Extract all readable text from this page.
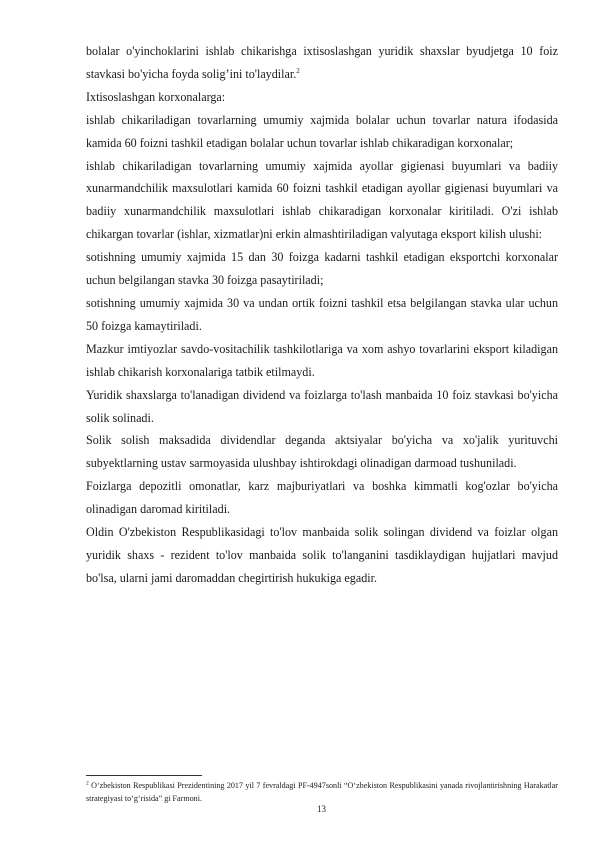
bolalar o'yinchoklarini ishlab chikarishga ixtisoslashgan yuridik shaxslar byudjetga 10 foiz stavkasi bo'yicha foyda solig’ini to'laydilar.$^2$

Ixtisoslashgan korxonalarga:

ishlab chikariladigan tovarlarning umumiy xajmida bolalar uchun tovarlar natura ifodasida kamida 60 foizni tashkil etadigan bolalar uchun tovarlar ishlab chikaradigan korxonalar;

ishlab chikariladigan tovarlarning umumiy xajmida ayollar gigienasi buyumlari va badiiy xunarmandchilik maxsulotlari kamida 60 foizni tashkil etadigan ayollar gigienasi buyumlari va badiiy xunarmandchilik maxsulotlari ishlab chikaradigan korxonalar kiritiladi. O'zi ishlab chikargan tovarlar (ishlar, xizmatlar)ni erkin almashtiriladigan valyutaga eksport kilish ulushi:

sotishning umumiy xajmida 15 dan 30 foizga kadarni tashkil etadigan eksportchi korxonalar uchun belgilangan stavka 30 foizga pasaytiriladi;

sotishning umumiy xajmida 30 va undan ortik foizni tashkil etsa belgilangan stavka ular uchun 50 foizga kamaytiriladi.

Mazkur imtiyozlar savdo-vositachilik tashkilotlariga va xom ashyo tovarlarini eksport kiladigan ishlab chikarish korxonalariga tatbik etilmaydi.

Yuridik shaxslarga to'lanadigan dividend va foizlarga to'lash manbaida 10 foiz stavkasi bo'yicha solik solinadi.

Solik solish maksadida dividendlar deganda aktsiyalar bo'yicha va xo'jalik yurituvchi subyektlarning ustav sarmoyasida ulushbay ishtirokdagi olinadigan darmoad tushuniladi.

Foizlarga depozitli omonatlar, karz majburiyatlari va boshka kimmatli kog'ozlar bo'yicha olinadigan daromad kiritiladi.

Oldin O'zbekiston Respublikasidagi to'lov manbaida solik solingan dividend va foizlar olgan yuridik shaxs - rezident to'lov manbaida solik to'langanini tasdiklaydigan hujjatlari mavjud bo'lsa, ularni jami daromaddan chegirtirish hukukiga egadir.

$^2$ O‘zbekiston Respublikasi Prezidentining 2017 yil 7 fevraldagi PF-4947sonli “O‘zbekiston Respublikasini yanada rivojlantirishning Harakatlar strategiyasi to‘g‘risida” gi Farmoni.
13
